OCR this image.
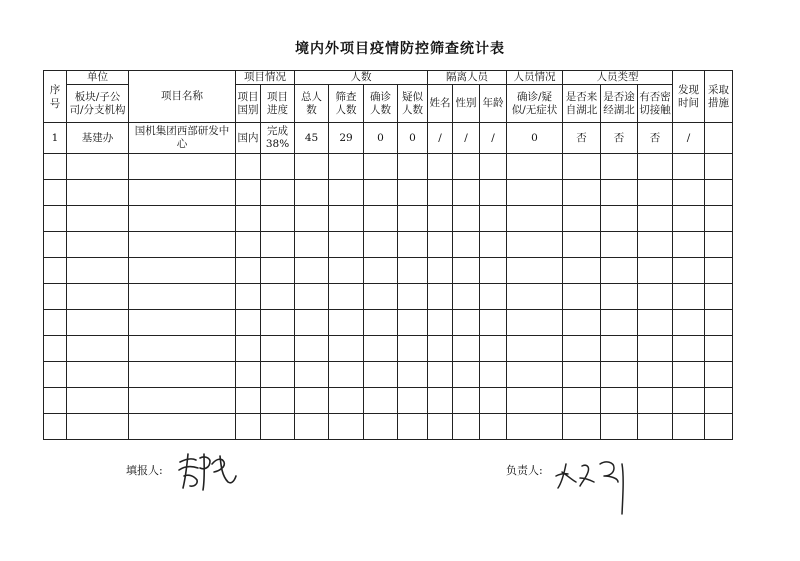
境内外项目疫情防控筛查统计表
序号	单位	项目名称	项目情况		人数				隔离人员			人员情况	人员类型			发现时间	采取措施
	板块/子公司/分支机构		项目国别	项目进度	总人数	筛查人数	确诊人数	疑似人数	姓名	性别	年龄	确诊/疑似/无症状	是否来自湖北	是否途经湖北	有否密切接触		
1	基建办	国机集团西部研发中心	国内	完成38%	45	29	0	0	/	/	/	0	否	否	否	/	

填报人:	负责人:
